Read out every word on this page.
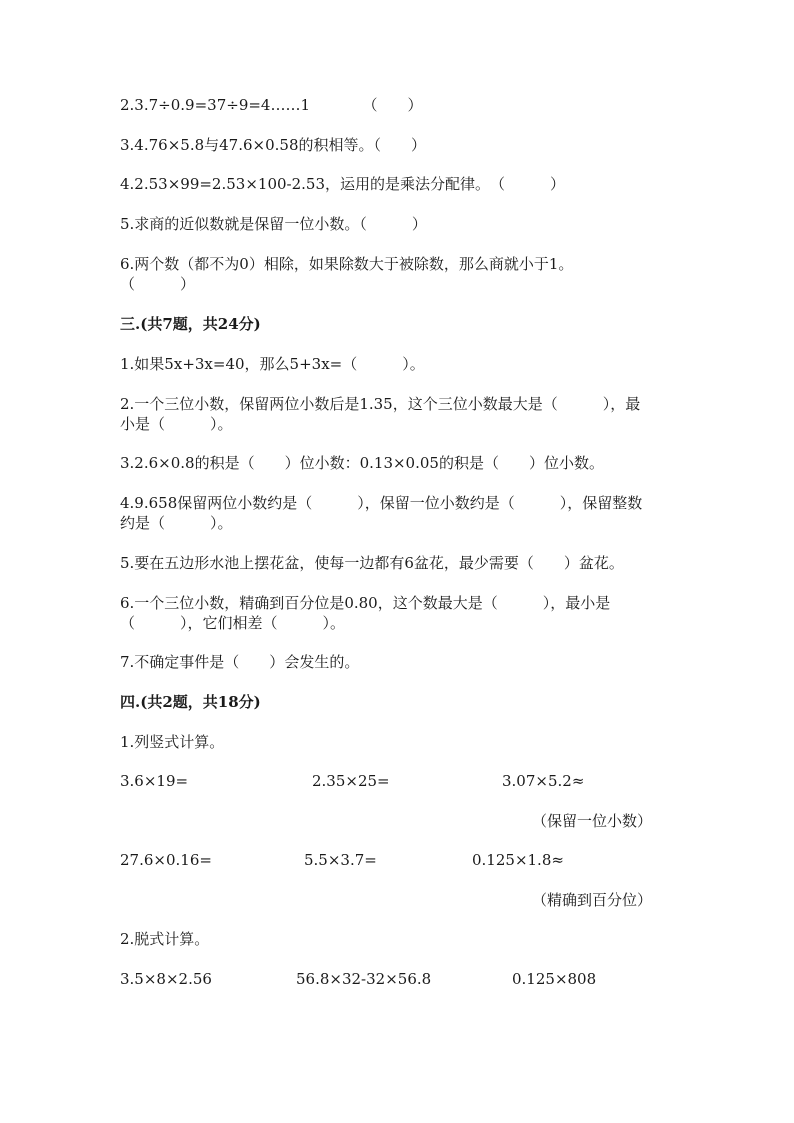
2.3.7÷0.9=37÷9=4……1　　　　（　　）
3.4.76×5.8与47.6×0.58的积相等。（　　）
4.2.53×99=2.53×100-2.53，运用的是乘法分配律。　（　　　）
5.求商的近似数就是保留一位小数。（　　　）
6.两个数（都不为0）相除，如果除数大于被除数，那么商就小于1。
（　　　）
三.(共7题，共24分)
1.如果5x+3x=40，那么5+3x=（　　　）。
2.一个三位小数，保留两位小数后是1.35，这个三位小数最大是（　　　），最
小是（　　　）。
3.2.6×0.8的积是（　　）位小数：0.13×0.05的积是（　　）位小数。
4.9.658保留两位小数约是（　　　），保留一位小数约是（　　　），保留整数
约是（　　　）。
5.要在五边形水池上摆花盆，使每一边都有6盆花，最少需要（　　）盆花。
6.一个三位小数，精确到百分位是0.80，这个数最大是（　　　），最小是
（　　　），它们相差（　　　）。
7.不确定事件是（　　）会发生的。
四.(共2题，共18分)
1.列竖式计算。
3.6×19=	2.35×25=	3.07×5.2≈
（保留一位小数）
27.6×0.16=	5.5×3.7=	0.125×1.8≈
（精确到百分位）
2.脱式计算。
3.5×8×2.56	56.8×32-32×56.8	0.125×808
